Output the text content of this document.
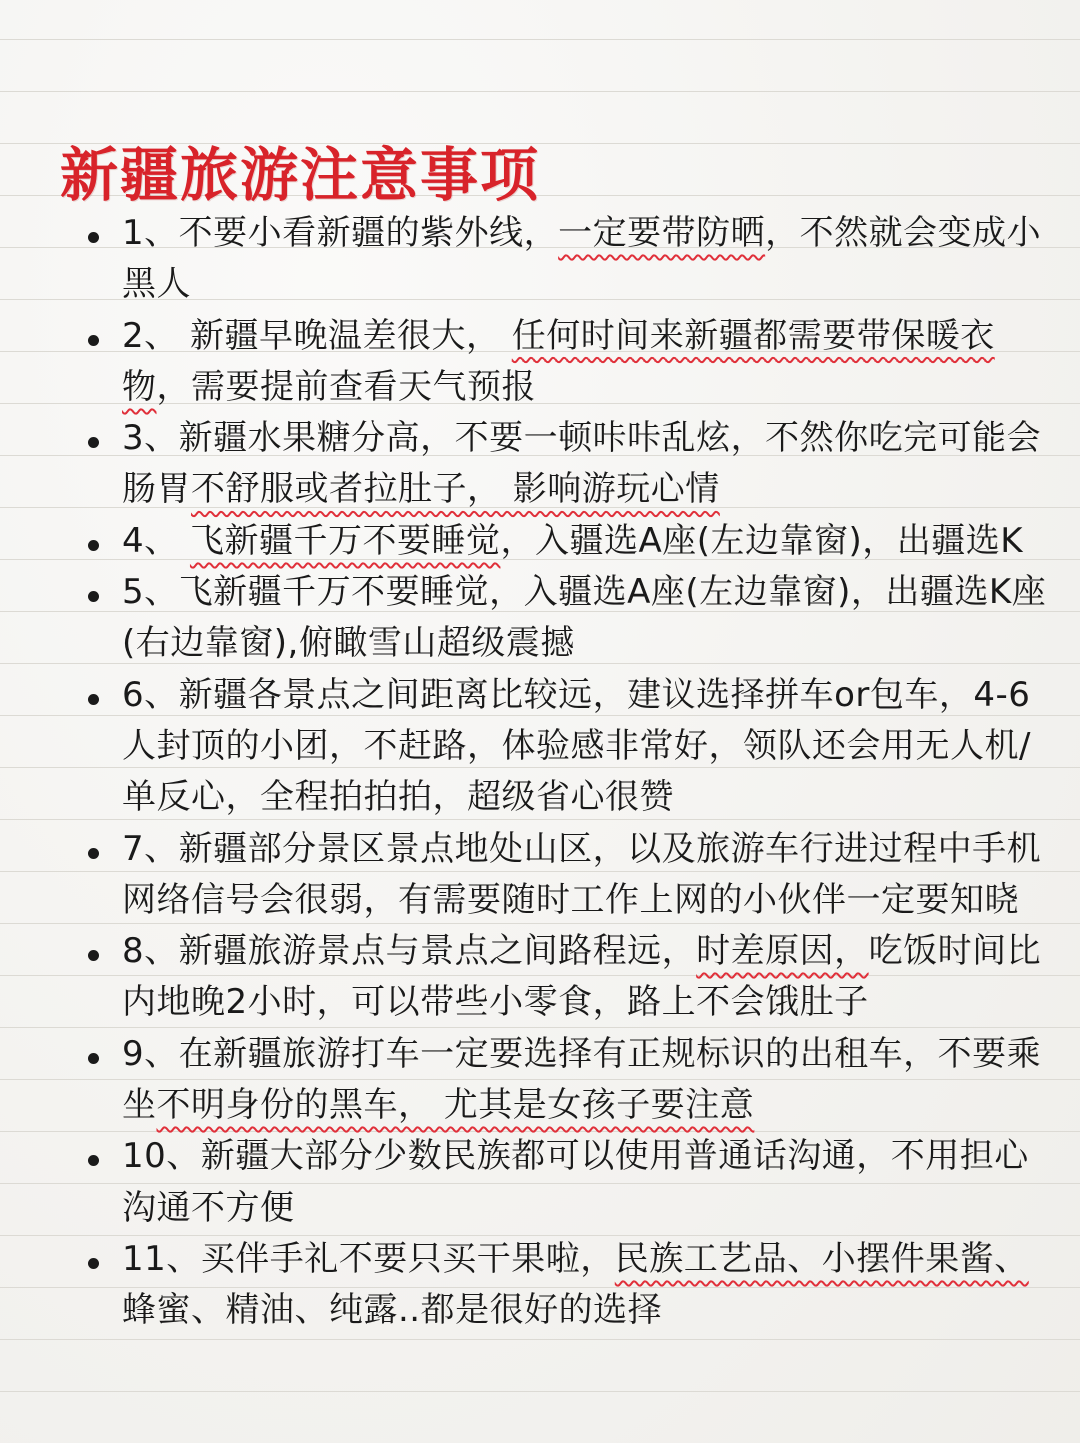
新疆旅游注意事项
1、不要小看新疆的紫外线，一定要带防晒，不然就会变成小黑人
2、 新疆早晚温差很大， 任何时间来新疆都需要带保暖衣物，需要提前查看天气预报
3、新疆水果糖分高，不要一顿咔咔乱炫，不然你吃完可能会肠胃不舒服或者拉肚子， 影响游玩心情
4、 飞新疆千万不要睡觉，入疆选A座(左边靠窗)，出疆选K
5、飞新疆千万不要睡觉，入疆选A座(左边靠窗)，出疆选K座(右边靠窗),俯瞰雪山超级震撼
6、新疆各景点之间距离比较远，建议选择拼车or包车，4-6人封顶的小团，不赶路，体验感非常好，领队还会用无人机/单反心，全程拍拍拍，超级省心很赞
7、新疆部分景区景点地处山区，以及旅游车行进过程中手机网络信号会很弱，有需要随时工作上网的小伙伴一定要知晓
8、新疆旅游景点与景点之间路程远，时差原因，吃饭时间比内地晚2小时，可以带些小零食，路上不会饿肚子
9、在新疆旅游打车一定要选择有正规标识的出租车，不要乘坐不明身份的黑车， 尤其是女孩子要注意
10、新疆大部分少数民族都可以使用普通话沟通，不用担心沟通不方便
11、买伴手礼不要只买干果啦，民族工艺品、小摆件果酱、蜂蜜、精油、纯露..都是很好的选择
